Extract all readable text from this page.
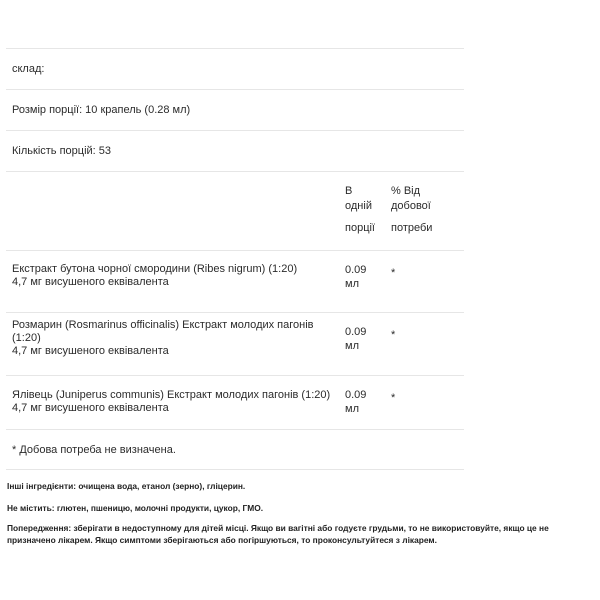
склад:
Розмір порції: 10 крапель (0.28 мл)
Кількість порцій: 53
В
одній
% Від
добової
порції потреби
Екстракт бутона чорної смородини (Ribes nigrum) (1:20)
4,7 мг висушеного еквівалента
0.09
мл
*
Розмарин (Rosmarinus officinalis) Екстракт молодих пагонів
(1:20)
4,7 мг висушеного еквівалента
0.09
мл
*
Ялівець (Juniperus communis) Екстракт молодих пагонів (1:20)
4,7 мг висушеного еквівалента
0.09
мл
*
* Добова потреба не визначена.
Інші інгредієнти: очищена вода, етанол (зерно), гліцерин.
Не містить: глютен, пшеницю, молочні продукти, цукор, ГМО.
Попередження: зберігати в недоступному для дітей місці. Якщо ви вагітні або годуєте грудьми, то не використовуйте, якщо це не призначено лікарем. Якщо симптоми зберігаються або погіршуються, то проконсультуйтеся з лікарем.
